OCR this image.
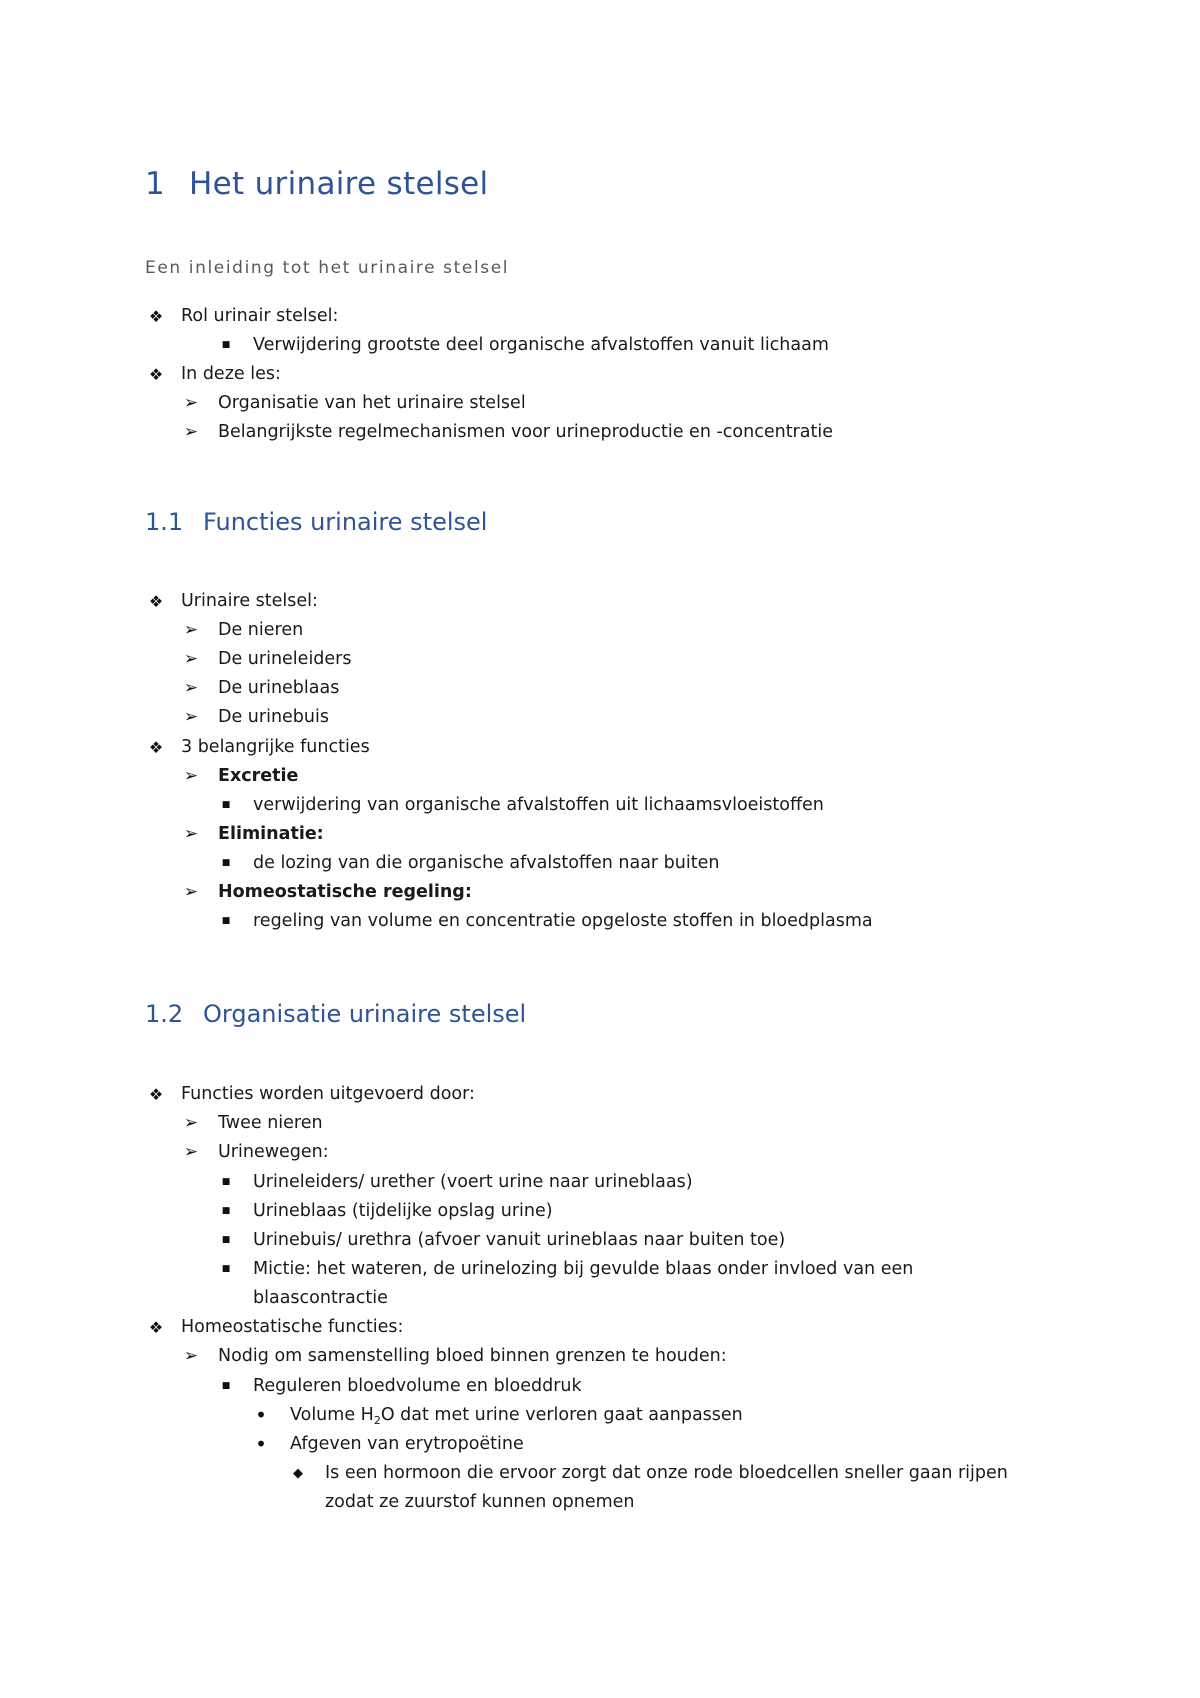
1 Het urinaire stelsel
Een inleiding tot het urinaire stelsel
❖ Rol urinair stelsel:
■	Verwijdering grootste deel organische afvalstoffen vanuit lichaam
❖ In deze les:
➢ Organisatie van het urinaire stelsel
➢ Belangrijkste regelmechanismen voor urineproductie en -concentratie
1.1 Functies urinaire stelsel
❖ Urinaire stelsel:
➢ De nieren
➢ De urineleiders
➢ De urineblaas
➢ De urinebuis
❖ 3 belangrijke functies
➢ Excretie
■	verwijdering van organische afvalstoffen uit lichaamsvloeistoffen
➢ Eliminatie:
■	de lozing van die organische afvalstoffen naar buiten
➢ Homeostatische regeling:
■	regeling van volume en concentratie opgeloste stoffen in bloedplasma
1.2 Organisatie urinaire stelsel
❖ Functies worden uitgevoerd door:
➢ Twee nieren
➢ Urinewegen:
■	Urineleiders/ urether (voert urine naar urineblaas)
■	Urineblaas (tijdelijke opslag urine)
■	Urinebuis/ urethra (afvoer vanuit urineblaas naar buiten toe)
■	Mictie: het wateren, de urinelozing bij gevulde blaas onder invloed van een
blaascontractie
❖ Homeostatische functies:
➢ Nodig om samenstelling bloed binnen grenzen te houden:
■	Reguleren bloedvolume en bloeddruk
• Volume $H_2O$ dat met urine verloren gaat aanpassen
• Afgeven van erytropoëtine
◆	Is een hormoon die ervoor zorgt dat onze rode bloedcellen sneller gaan rijpen
zodat ze zuurstof kunnen opnemen
